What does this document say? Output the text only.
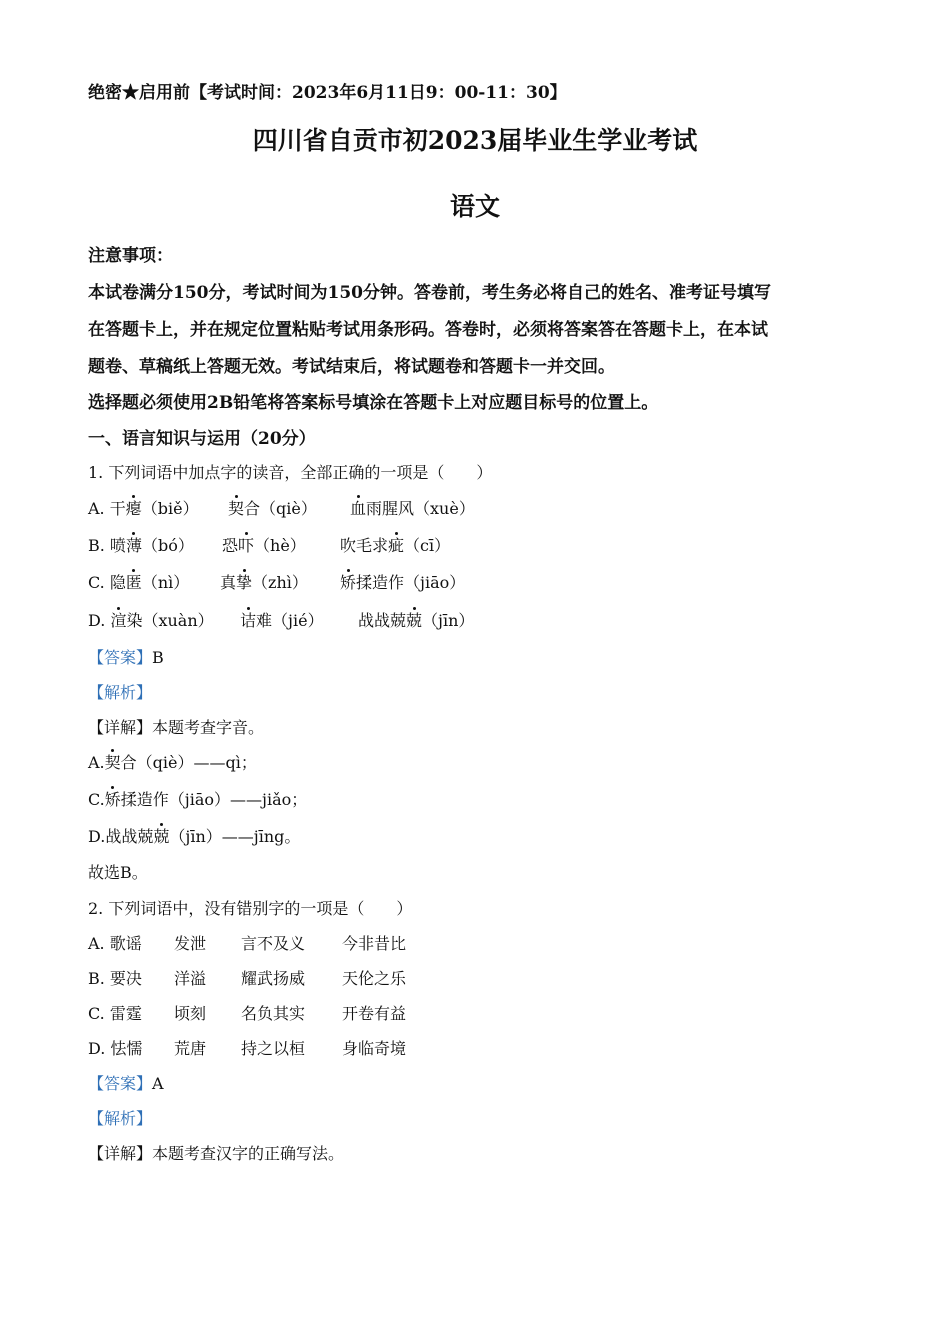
绝密★启用前【考试时间：2023年6月11日9：00-11：30】
四川省自贡市初2023届毕业生学业考试
语文
注意事项：
本试卷满分150分，考试时间为150分钟。答卷前，考生务必将自己的姓名、准考证号填写
在答题卡上，并在规定位置粘贴考试用条形码。答卷时，必须将答案答在答题卡上，在本试
题卷、草稿纸上答题无效。考试结束后，将试题卷和答题卡一并交回。
选择题必须使用2B铅笔将答案标号填涂在答题卡上对应题目标号的位置上。
一、语言知识与运用（20分）
1. 下列词语中加点字的读音，全部正确的一项是（　　）
A. 干瘪（biě） 契合（qiè） 血雨腥风（xuè）
B. 喷薄（bó） 恐吓（hè） 吹毛求疵（cī）
C. 隐匿（nì） 真挚（zhì） 矫揉造作（jiāo）
D. 渲染（xuàn） 诘难（jié） 战战兢兢（jīn）
【答案】B
【解析】
【详解】本题考查字音。
A.契合（qiè）——qì；
C.矫揉造作（jiāo）——jiǎo；
D.战战兢兢（jīn）——jīng。
故选B。
2. 下列词语中，没有错别字的一项是（　　）
A. 歌谣 发泄 言不及义 今非昔比
B. 要决 洋溢 耀武扬威 天伦之乐
C. 雷霆 顷刻 名负其实 开卷有益
D. 怯懦 荒唐 持之以桓 身临奇境
【答案】A
【解析】
【详解】本题考查汉字的正确写法。
